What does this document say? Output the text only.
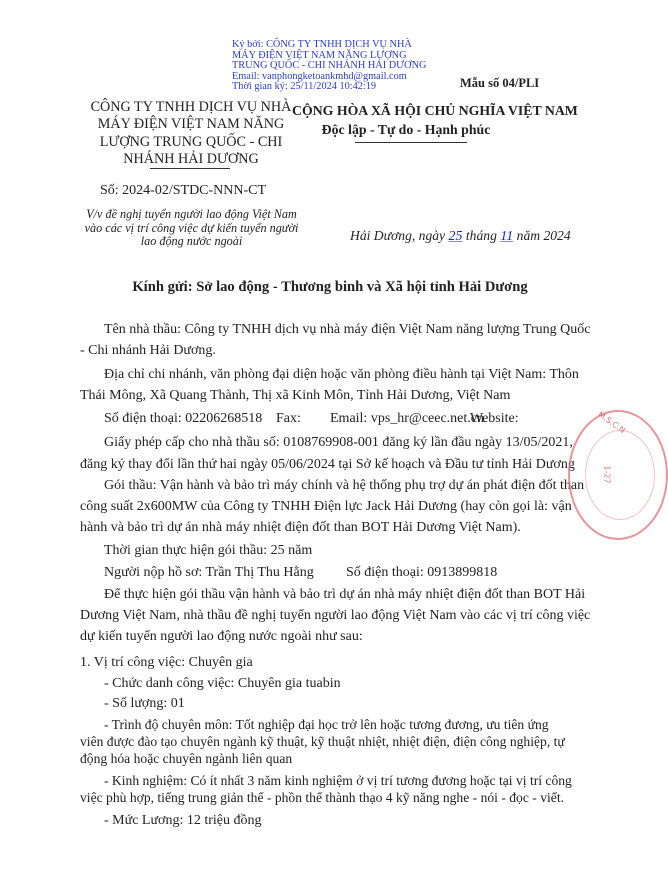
Ký bởi: CÔNG TY TNHH DỊCH VỤ NHÀ
MÁY ĐIỆN VIỆT NAM NĂNG LƯỢNG
TRUNG QUỐC - CHI NHÁNH HẢI DƯƠNG
Email: vanphongketoankmhd@gmail.com
Thời gian ký: 25/11/2024 10:42:19	Mẫu số 04/PLI
CÔNG TY TNHH DỊCH VỤ NHÀ
MÁY ĐIỆN VIỆT NAM NĂNG
LƯỢNG TRUNG QUỐC - CHI
NHÁNH HẢI DƯƠNG
CỘNG HÒA XÃ HỘI CHỦ NGHĨA VIỆT NAM
Độc lập - Tự do - Hạnh phúc
Số: 2024-02/STDC-NNN-CT
V/v đề nghị tuyển người lao động Việt Nam
vào các vị trí công việc dự kiến tuyển người
lao động nước ngoài	Hải Dương, ngày 25 tháng 11 năm 2024
Kính gửi: Sở lao động - Thương binh và Xã hội tỉnh Hải Dương
Tên nhà thầu: Công ty TNHH dịch vụ nhà máy điện Việt Nam năng lượng Trung Quốc
- Chi nhánh Hải Dương.
Địa chỉ chi nhánh, văn phòng đại diện hoặc văn phòng điều hành tại Việt Nam: Thôn
Thái Mông, Xã Quang Thành, Thị xã Kinh Môn, Tỉnh Hải Dương, Việt Nam
Số điện thoại: 02206268518 Fax: Email: vps_hr@ceec.net.cn
Website:
Giấy phép cấp cho nhà thầu số: 0108769908-001 đăng ký lần đầu ngày 13/05/2021,
đăng ký thay đổi lần thứ hai ngày 05/06/2024 tại Sở kế hoạch và Đầu tư tỉnh Hải Dương
Gói thầu: Vận hành và bảo trì máy chính và hệ thống phụ trợ dự án phát điện đốt than
công suất 2x600MW của Công ty TNHH Điện lực Jack Hải Dương (hay còn gọi là: vận
hành và bảo trì dự án nhà máy nhiệt điện đốt than BOT Hải Dương Việt Nam).
Thời gian thực hiện gói thầu: 25 năm
Người nộp hồ sơ: Trần Thị Thu Hằng Số điện thoại: 0913899818
Để thực hiện gói thầu vận hành và bảo trì dự án nhà máy nhiệt điện đốt than BOT Hải
Dương Việt Nam, nhà thầu đề nghị tuyển người lao động Việt Nam vào các vị trí công việc
dự kiến tuyển người lao động nước ngoài như sau:
1. Vị trí công việc: Chuyên gia
- Chức danh công việc: Chuyên gia tuabin
- Số lượng: 01
- Trình độ chuyên môn: Tốt nghiệp đại học trở lên hoặc tương đương, ưu tiên ứng
viên được đào tạo chuyên ngành kỹ thuật, kỹ thuật nhiệt, nhiệt điện, điện công nghiệp, tự
động hóa hoặc chuyên ngành liên quan
- Kinh nghiệm: Có ít nhất 3 năm kinh nghiệm ở vị trí tương đương hoặc tại vị trí công
việc phù hợp, tiếng trung giản thể - phồn thể thành thạo 4 kỹ năng nghe - nói - đọc - viết.
- Mức Lương: 12 triệu đồng
M.S.C.N
1-27
